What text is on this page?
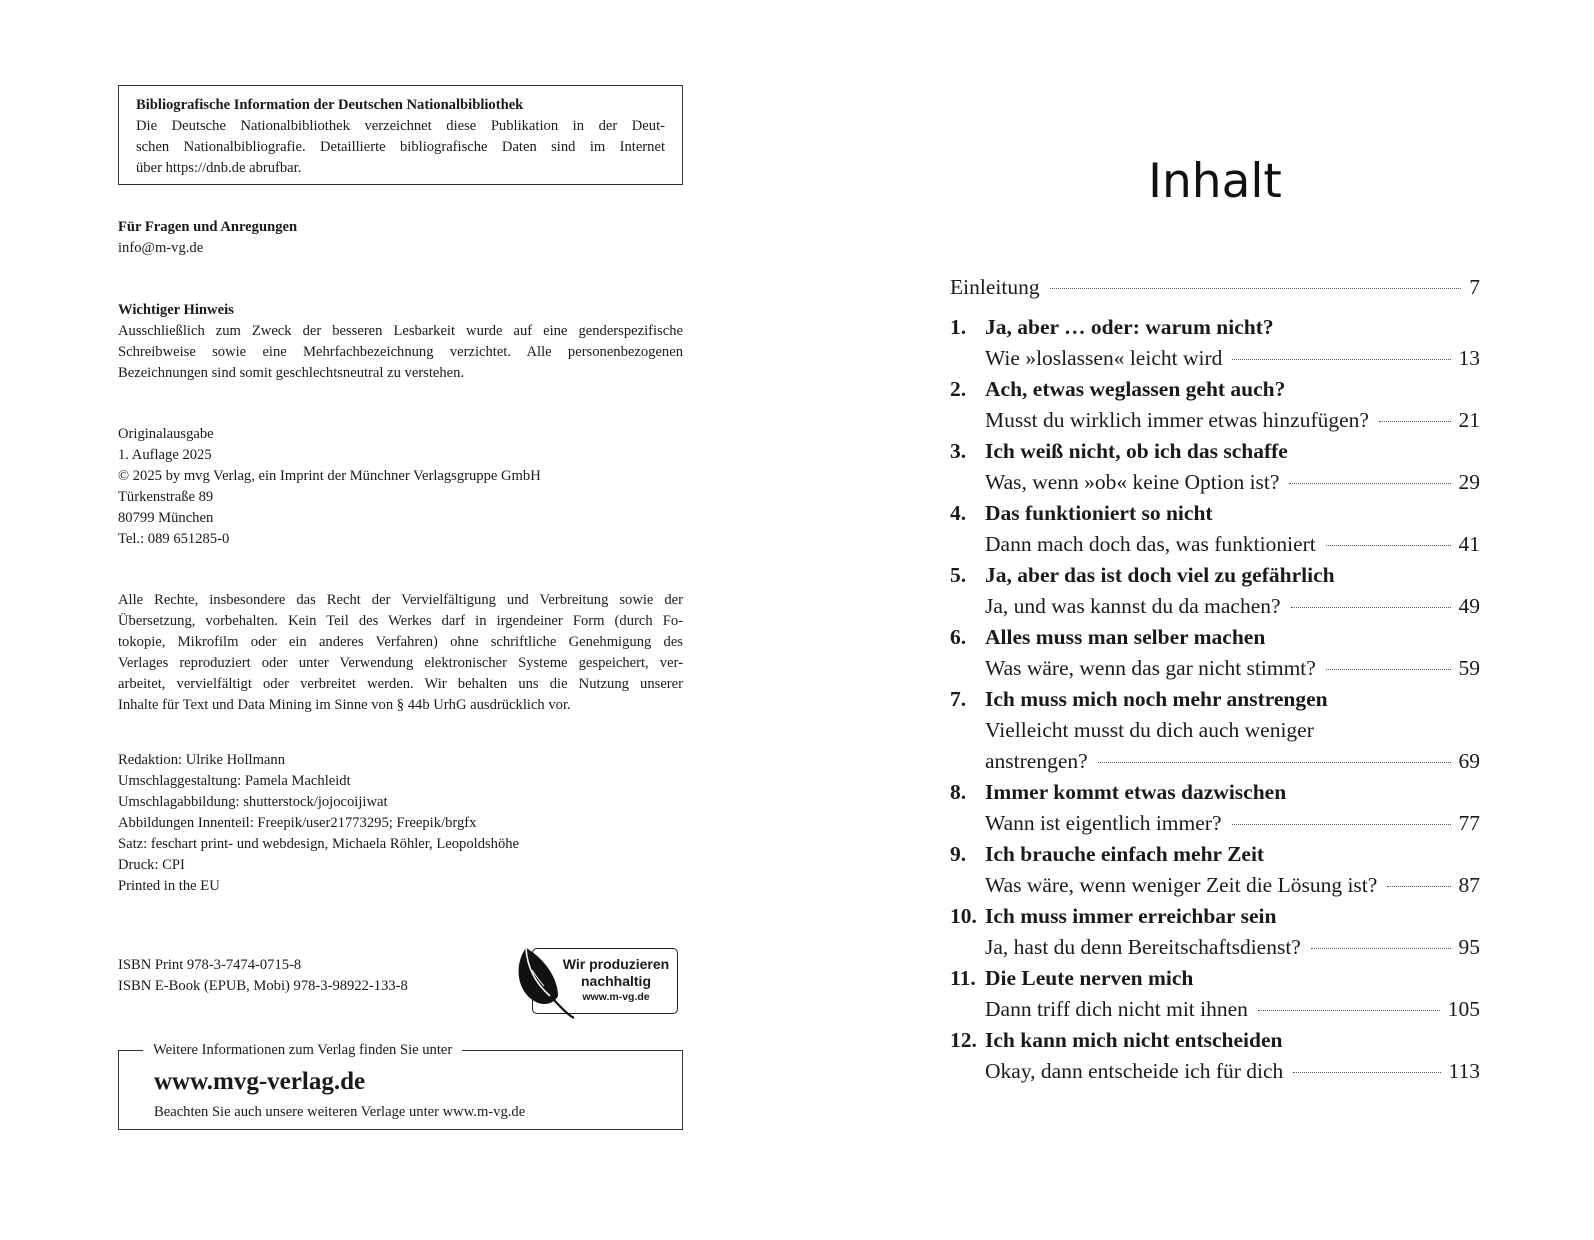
Bibliografische Information der Deutschen Nationalbibliothek
Die Deutsche Nationalbibliothek verzeichnet diese Publikation in der Deut-
schen Nationalbibliografie. Detaillierte bibliografische Daten sind im Internet
über https://dnb.de abrufbar.
Für Fragen und Anregungen
info@m-vg.de
Wichtiger Hinweis
Ausschließlich zum Zweck der besseren Lesbarkeit wurde auf eine genderspezifische
Schreibweise sowie eine Mehrfachbezeichnung verzichtet. Alle personenbezogenen
Bezeichnungen sind somit geschlechtsneutral zu verstehen.
Originalausgabe
1. Auflage 2025
© 2025 by mvg Verlag, ein Imprint der Münchner Verlagsgruppe GmbH
Türkenstraße 89
80799 München
Tel.: 089 651285-0
Alle Rechte, insbesondere das Recht der Vervielfältigung und Verbreitung sowie der
Übersetzung, vorbehalten. Kein Teil des Werkes darf in irgendeiner Form (durch Fo-
tokopie, Mikrofilm oder ein anderes Verfahren) ohne schriftliche Genehmigung des
Verlages reproduziert oder unter Verwendung elektronischer Systeme gespeichert, ver-
arbeitet, vervielfältigt oder verbreitet werden. Wir behalten uns die Nutzung unserer
Inhalte für Text und Data Mining im Sinne von § 44b UrhG ausdrücklich vor.
Redaktion: Ulrike Hollmann
Umschlaggestaltung: Pamela Machleidt
Umschlagabbildung: shutterstock/jojocoijiwat
Abbildungen Innenteil: Freepik/user21773295; Freepik/brgfx
Satz: feschart print- und webdesign, Michaela Röhler, Leopoldshöhe
Druck: CPI
Printed in the EU
ISBN Print 978-3-7474-0715-8
ISBN E-Book (EPUB, Mobi) 978-3-98922-133-8
Wir produzieren
nachhaltig
www.m-vg.de
Weitere Informationen zum Verlag finden Sie unter
www.mvg-verlag.de
Beachten Sie auch unsere weiteren Verlage unter www.m-vg.de
Inhalt
Einleitung	7
1. Ja, aber … oder: warum nicht?
Wie »loslassen« leicht wird	13
2. Ach, etwas weglassen geht auch?
Musst du wirklich immer etwas hinzufügen?	21
3. Ich weiß nicht, ob ich das schaffe
Was, wenn »ob« keine Option ist?	29
4. Das funktioniert so nicht
Dann mach doch das, was funktioniert	41
5. Ja, aber das ist doch viel zu gefährlich
Ja, und was kannst du da machen?	49
6. Alles muss man selber machen
Was wäre, wenn das gar nicht stimmt?	59
7. Ich muss mich noch mehr anstrengen
Vielleicht musst du dich auch weniger
anstrengen?	69
8. Immer kommt etwas dazwischen
Wann ist eigentlich immer?	77
9. Ich brauche einfach mehr Zeit
Was wäre, wenn weniger Zeit die Lösung ist?	87
10. Ich muss immer erreichbar sein
Ja, hast du denn Bereitschaftsdienst?	95
11. Die Leute nerven mich
Dann triff dich nicht mit ihnen	105
12. Ich kann mich nicht entscheiden
Okay, dann entscheide ich für dich	113
